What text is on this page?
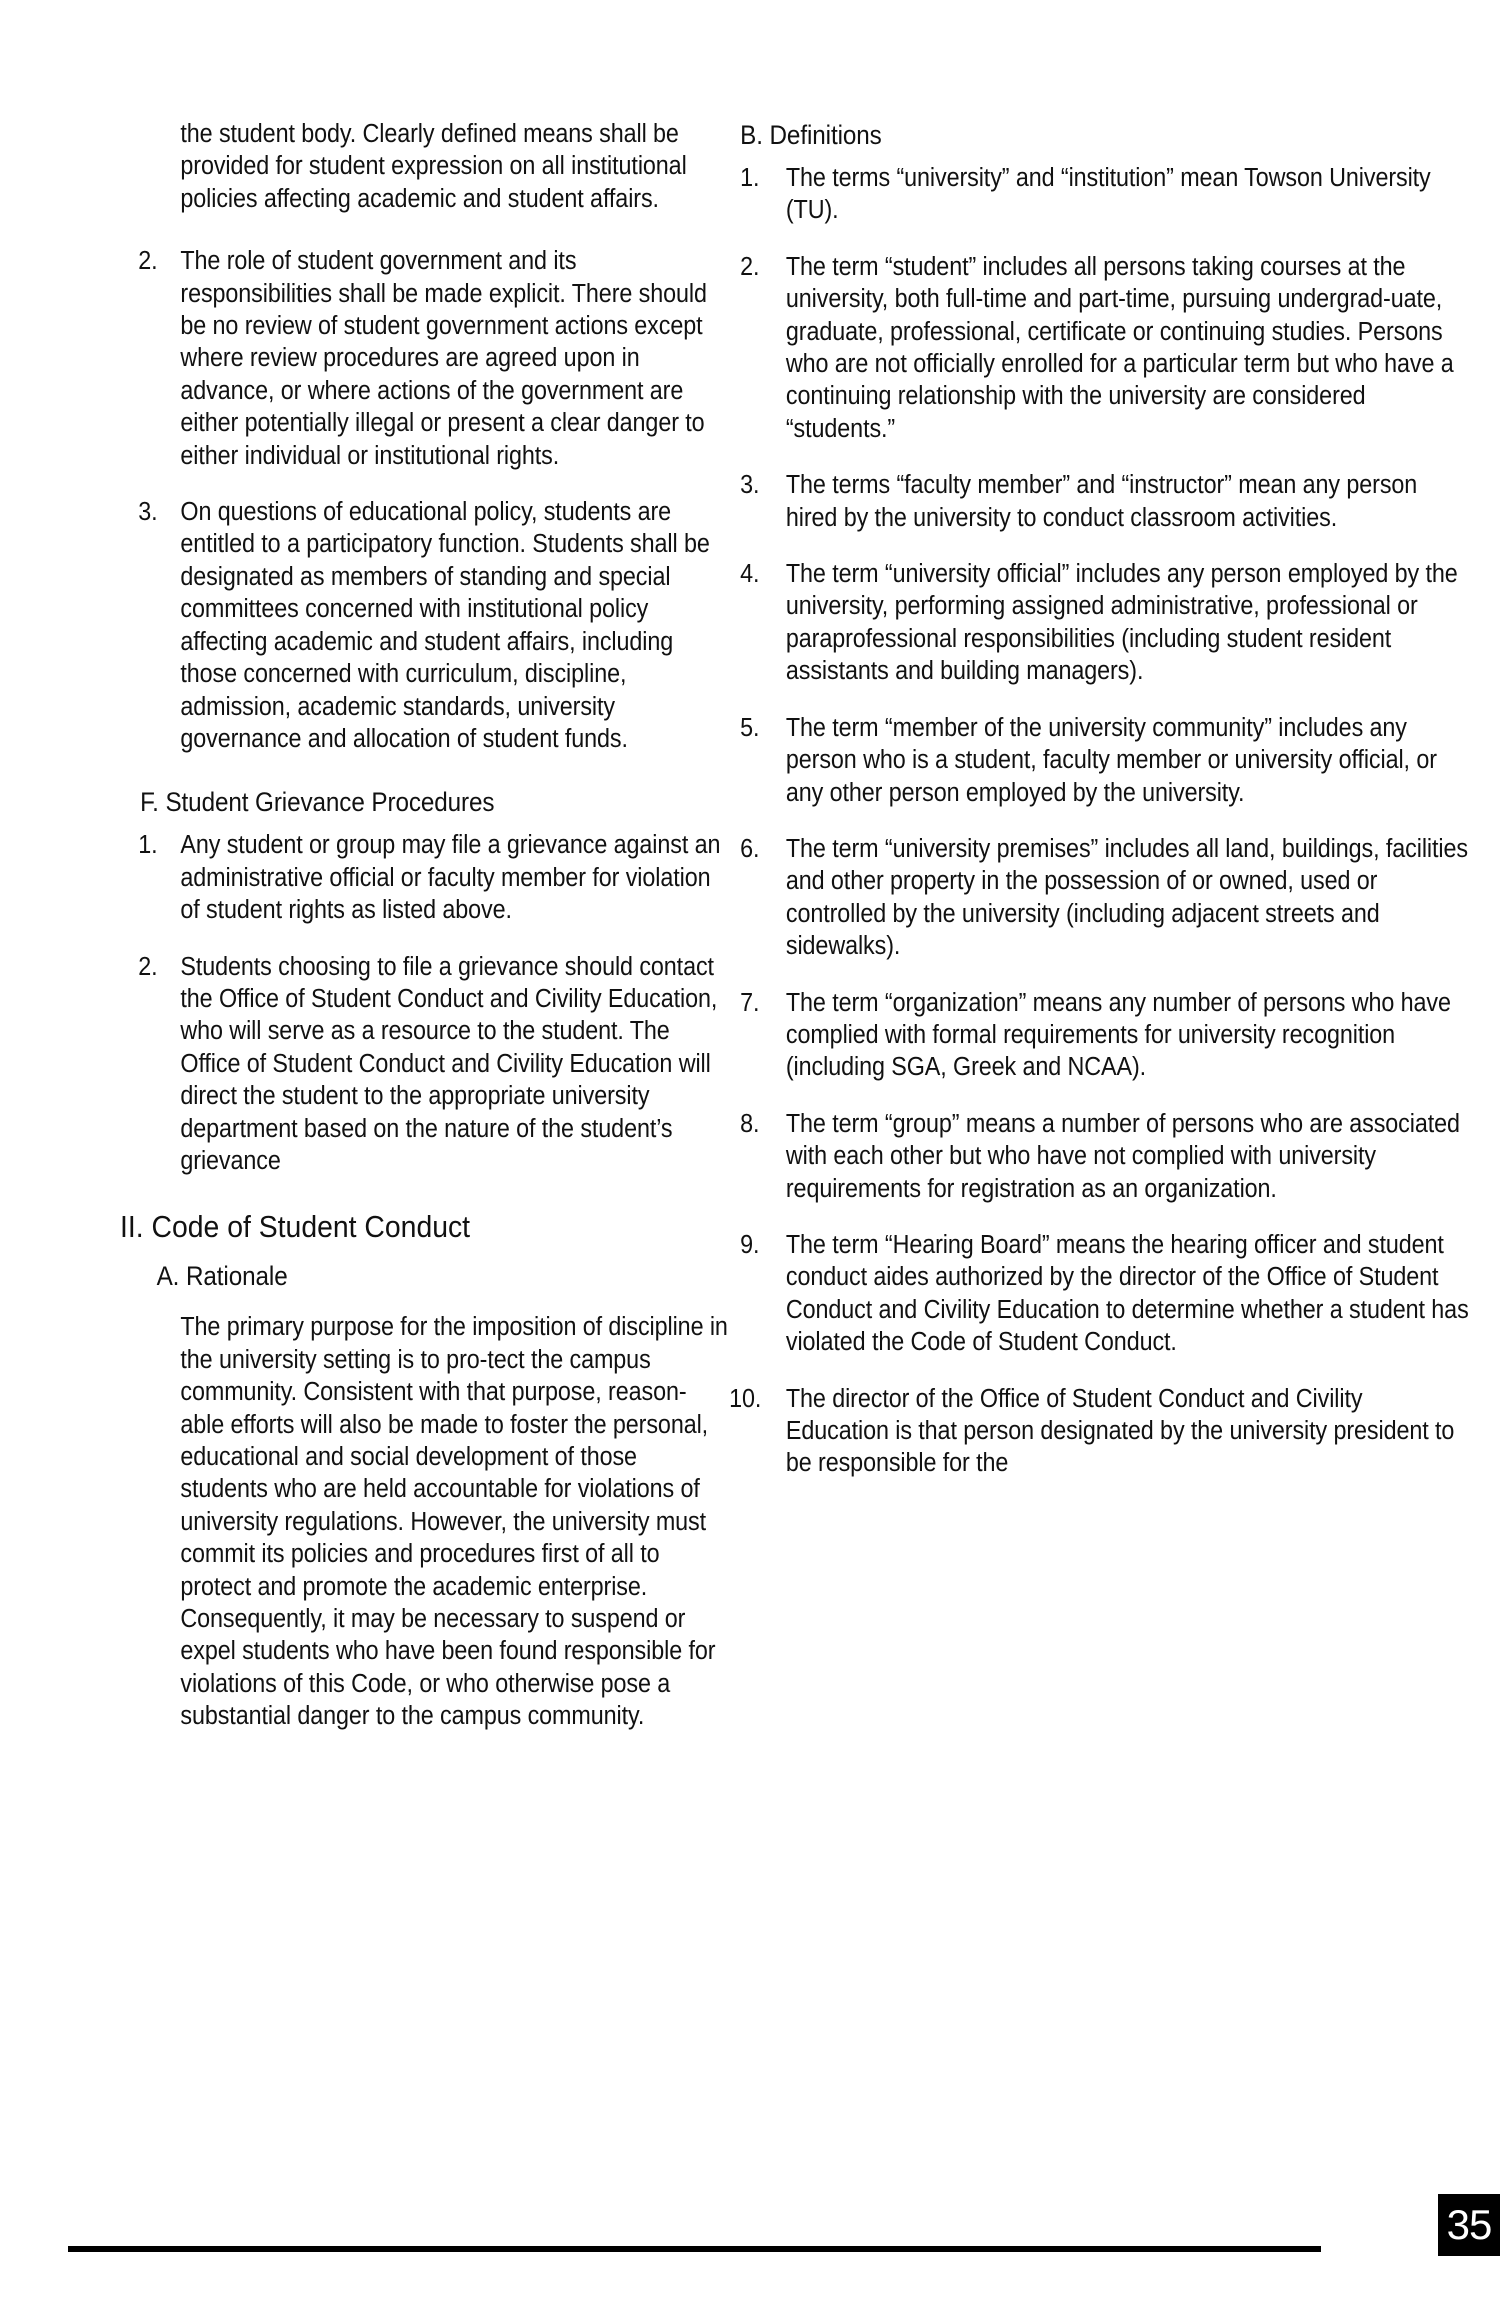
the student body. Clearly defined means shall be provided for student expression on all institutional policies affecting academic and student affairs.

2. The role of student government and its responsibilities shall be made explicit. There should be no review of student government actions except where review procedures are agreed upon in advance, or where actions of the government are either potentially illegal or present a clear danger to either individual or institutional rights.
3. On questions of educational policy, students are entitled to a participatory function. Students shall be designated as members of standing and special committees concerned with institutional policy affecting academic and student affairs, including those concerned with curriculum, discipline, admission, academic standards, university governance and allocation of student funds.
F. Student Grievance Procedures
1. Any student or group may file a grievance against an administrative official or faculty member for violation of student rights as listed above.
2. Students choosing to file a grievance should contact the Office of Student Conduct and Civility Education, who will serve as a resource to the student. The Office of Student Conduct and Civility Education will direct the student to the appropriate university department based on the nature of the student’s grievance
II. Code of Student Conduct
A. Rationale

The primary purpose for the imposition of discipline in the university setting is to pro-tect the campus community. Consistent with that purpose, reason- able efforts will also be made to foster the personal, educational and social development of those students who are held accountable for violations of university regulations. However, the university must commit its policies and procedures first of all to protect and promote the academic enterprise. Consequently, it may be necessary to suspend or expel students who have been found responsible for violations of this Code, or who otherwise pose a substantial danger to the campus community.

B. Definitions
1.	The terms “university” and “institution” mean Towson University (TU).
2.	The term “student” includes all persons taking courses at the university, both full-time and part-time, pursuing undergrad-uate, graduate, professional, certificate or continuing studies. Persons who are not officially enrolled for a particular term but who have a continuing relationship with the university are considered “students.”
3.	The terms “faculty member” and “instructor” mean any person hired by the university to conduct classroom activities.
4.	The term “university official” includes any person employed by the university, performing assigned administrative, professional or paraprofessional responsibilities (including student resident assistants and building managers).
5.	The term “member of the university community” includes any person who is a student, faculty member or university official, or any other person employed by the university.
6.	The term “university premises” includes all land, buildings, facilities and other property in the possession of or owned, used or controlled by the university (including adjacent streets and sidewalks).
7.	The term “organization” means any number of persons who have complied with formal requirements for university recognition (including SGA, Greek and NCAA).
8.	The term “group” means a number of persons who are associated with each other but who have not complied with university requirements for registration as an organization.
9.	The term “Hearing Board” means the hearing officer and student conduct aides authorized by the director of the Office of Student Conduct and Civility Education to determine whether a student has violated the Code of Student Conduct.
10. The director of the Office of Student Conduct and Civility Education is that person designated by the university president to be responsible for the
35
